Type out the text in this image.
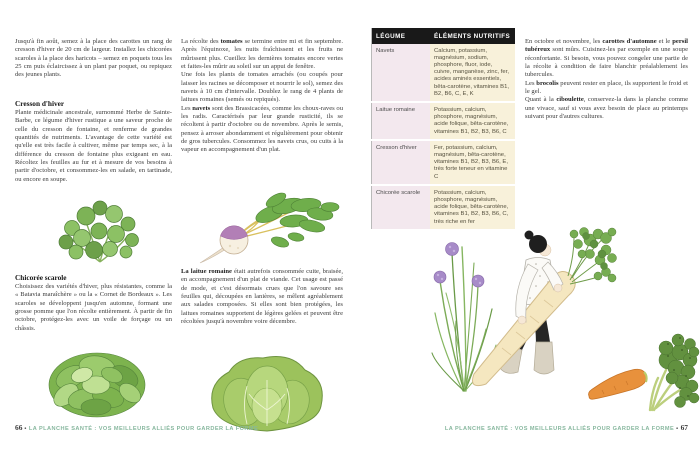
Jusqu'à fin août, semez à la place des carottes un rang de cresson d'hiver de 20 cm de largeur. Installez les chicorées scaroles à la place des haricots – semez en poquets tous les 25 cm puis éclaircissez à un plant par poquet, ou repiquez des jeunes plants.
Cresson d'hiver
Plante médicinale ancestrale, surnommé Herbe de Sainte-Barbe, ce légume d'hiver rustique a une saveur proche de celle du cresson de fontaine, et renferme de grandes quantités de nutriments. L'avantage de cette variété est qu'elle est très facile à cultiver, même par temps sec, à la différence du cresson de fontaine plus exigeant en eau. Récoltez les feuilles au fur et à mesure de vos besoins à partir d'octobre, et consommez-les en salade, en tartinade, ou encore en soupe.
Chicorée scarole
Choisissez des variétés d'hiver, plus résistantes, comme la « Batavia maraîchère » ou la « Cornet de Bordeaux ». Les scaroles se développent jusqu'en automne, formant une grosse pomme que l'on récolte entièrement. À partir de fin octobre, protégez-les avec un voile de forçage ou un châssis.

La récolte des tomates se termine entre mi et fin septembre. Après l'équinoxe, les nuits fraîchissent et les fruits ne mûrissent plus. Cueillez les dernières tomates encore vertes et faites-les mûrir au soleil sur un appui de fenêtre.

Une fois les plants de tomates arrachés (ou coupés pour laisser les racines se décomposer et nourrir le sol), semez des navets à 10 cm d'intervalle. Doublez le rang de 4 plants de laitues romaines (semés ou repiqués).

Les navets sont des Brassicacées, comme les choux-raves ou les radis. Caractérisés par leur grande rusticité, ils se récoltent à partir d'octobre ou de novembre. Après le semis, pensez à arroser abondamment et régulièrement pour obtenir de gros tubercules. Consommez les navets crus, ou cuits à la vapeur en accompagnement d'un plat.

La laitue romaine était autrefois consommée cuite, braisée, en accompagnement d'un plat de viande. Cet usage est passé de mode, et c'est désormais crues que l'on savoure ses feuilles qui, découpées en lanières, se mêlent agréablement aux salades composées. Si elles sont bien protégées, les laitues romaines supportent de légères gelées et peuvent être récoltées jusqu'à novembre voire décembre.
66 • LA PLANCHE SANTÉ : VOS MEILLEURS ALLIÉS POUR GARDER LA FORME
LÉGUME	ÉLÉMENTS NUTRITIFS
Navets	Calcium, potassium, magnésium, sodium, phosphore, fluor, iode, cuivre, manganèse, zinc, fer, acides aminés essentiels, bêta-carotène, vitamines B1, B2, B6, C, E, K
Laitue romaine	Potassium, calcium, phosphore, magnésium, acide folique, bêta-carotène, vitamines B1, B2, B3, B6, C
Cresson d'hiver	Fer, potassium, calcium, magnésium, bêta-carotène, vitamines B1, B2, B3, B6, E, très forte teneur en vitamine C
Chicorée scarole	Potassium, calcium, phosphore, magnésium, acide folique, bêta-carotène, vitamines B1, B2, B3, B6, C, très riche en fer

En octobre et novembre, les carottes d'automne et le persil tubéreux sont mûrs. Cuisinez-les par exemple en une soupe réconfortante. Si besoin, vous pouvez congeler une partie de la récolte à condition de faire blanchir préalablement les tubercules.

Les brocolis peuvent rester en place, ils supportent le froid et le gel.

Quant à la ciboulette, conservez-la dans la planche comme une vivace, sauf si vous avez besoin de place au printemps suivant pour d'autres cultures.

LA PLANCHE SANTÉ : VOS MEILLEURS ALLIÉS POUR GARDER LA FORME • 67
